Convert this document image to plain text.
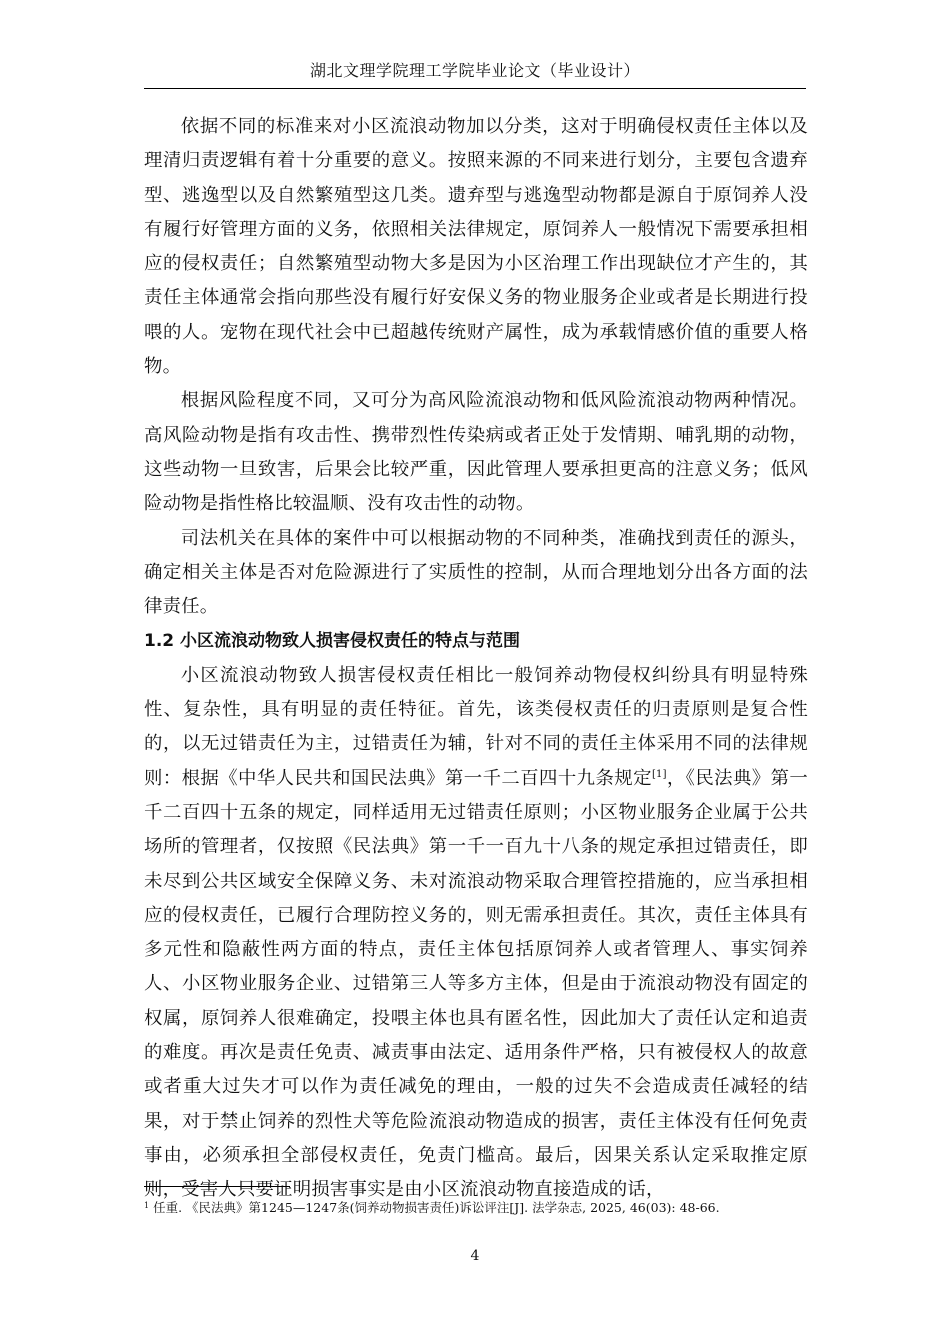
湖北文理学院理工学院毕业论文（毕业设计）

依据不同的标准来对小区流浪动物加以分类，这对于明确侵权责任主体以及理清归责逻辑有着十分重要的意义。按照来源的不同来进行划分，主要包含遗弃型、逃逸型以及自然繁殖型这几类。遗弃型与逃逸型动物都是源自于原饲养人没有履行好管理方面的义务，依照相关法律规定，原饲养人一般情况下需要承担相应的侵权责任；自然繁殖型动物大多是因为小区治理工作出现缺位才产生的，其责任主体通常会指向那些没有履行好安保义务的物业服务企业或者是长期进行投喂的人。宠物在现代社会中已超越传统财产属性，成为承载情感价值的重要人格物。

根据风险程度不同，又可分为高风险流浪动物和低风险流浪动物两种情况。高风险动物是指有攻击性、携带烈性传染病或者正处于发情期、哺乳期的动物，这些动物一旦致害，后果会比较严重，因此管理人要承担更高的注意义务；低风险动物是指性格比较温顺、没有攻击性的动物。

司法机关在具体的案件中可以根据动物的不同种类，准确找到责任的源头，确定相关主体是否对危险源进行了实质性的控制，从而合理地划分出各方面的法律责任。

1.2 小区流浪动物致人损害侵权责任的特点与范围

小区流浪动物致人损害侵权责任相比一般饲养动物侵权纠纷具有明显特殊性、复杂性，具有明显的责任特征。首先，该类侵权责任的归责原则是复合性的，以无过错责任为主，过错责任为辅，针对不同的责任主体采用不同的法律规则：根据《中华人民共和国民法典》第一千二百四十九条规定[1]，《民法典》第一千二百四十五条的规定，同样适用无过错责任原则；小区物业服务企业属于公共场所的管理者，仅按照《民法典》第一千一百九十八条的规定承担过错责任，即未尽到公共区域安全保障义务、未对流浪动物采取合理管控措施的，应当承担相应的侵权责任，已履行合理防控义务的，则无需承担责任。其次，责任主体具有多元性和隐蔽性两方面的特点，责任主体包括原饲养人或者管理人、事实饲养人、小区物业服务企业、过错第三人等多方主体，但是由于流浪动物没有固定的权属，原饲养人很难确定，投喂主体也具有匿名性，因此加大了责任认定和追责的难度。再次是责任免责、减责事由法定、适用条件严格，只有被侵权人的故意或者重大过失才可以作为责任减免的理由，一般的过失不会造成责任减轻的结果，对于禁止饲养的烈性犬等危险流浪动物造成的损害，责任主体没有任何免责事由，必须承担全部侵权责任，免责门槛高。最后，因果关系认定采取推定原则，受害人只要证明损害事实是由小区流浪动物直接造成的话，

$^1$ 任重. 《民法典》第1245—1247条(饲养动物损害责任)诉讼评注[J]. 法学杂志, 2025, 46(03): 48-66.
4
